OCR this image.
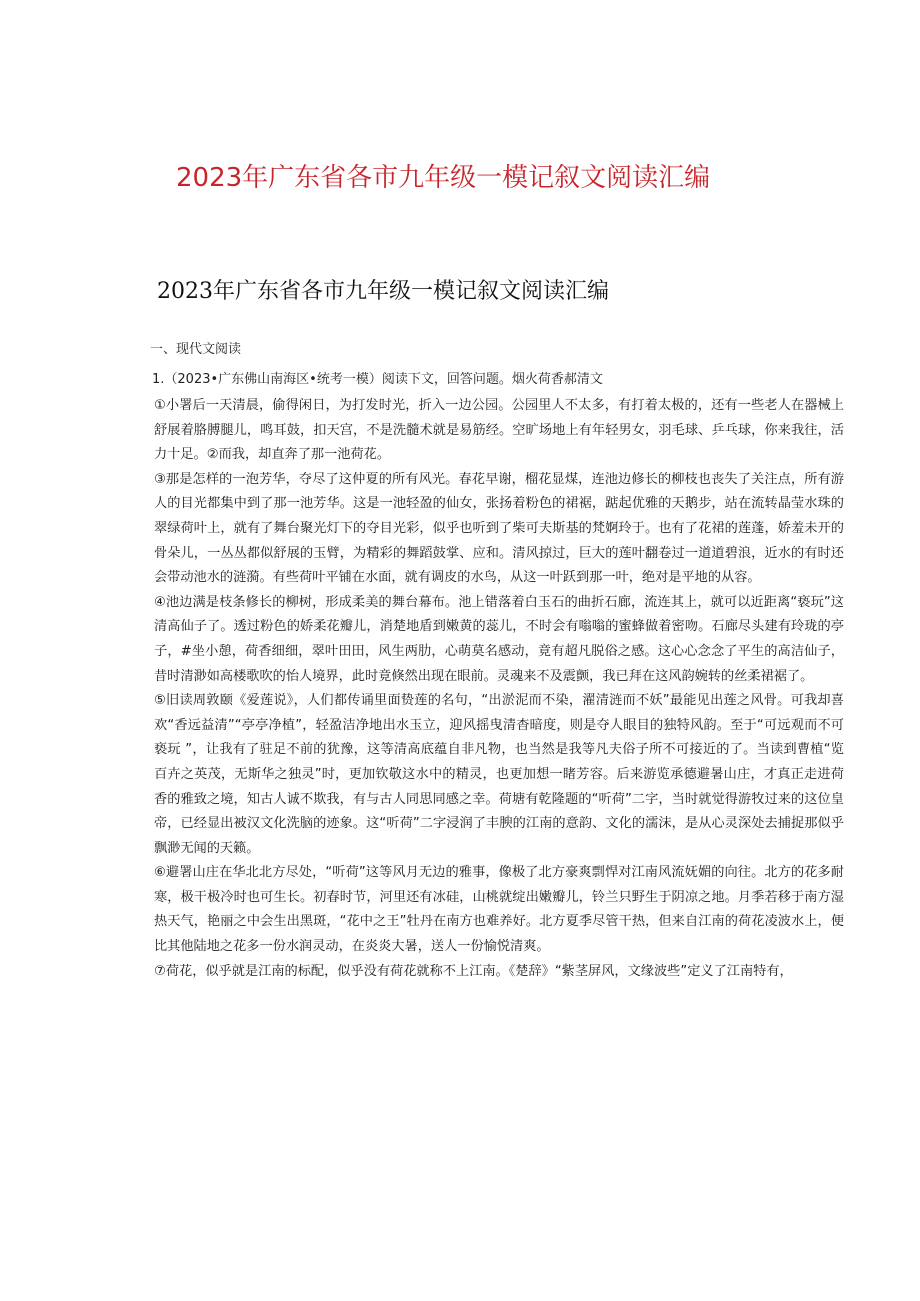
2023年广东省各市九年级一模记叙文阅读汇编
2023年广东省各市九年级一模记叙文阅读汇编
一、现代文阅读
1.（2023•广东佛山南海区•统考一模）阅读下文，回答问题。烟火荷香郝清文

①小署后一天清晨，偷得闲日，为打发时光，折入一边公园。公园里人不太多，有打着太极的，还有一些老人在器械上舒展着胳膊腿儿，鸣耳鼓，扣天宫，不是洗髓术就是易筋经。空旷场地上有年轻男女，羽毛球、乒乓球，你来我往，活力十足。②而我，却直奔了那一池荷花。

③那是怎样的一泡芳华，夺尽了这仲夏的所有风光。春花早谢，榴花显煤，连池边修长的柳枝也丧失了关注点，所有游人的目光都集中到了那一池芳华。这是一池轻盈的仙女，张扬着粉色的裙裾，踮起优雅的天鹅步，站在流转晶莹水珠的翠绿荷叶上，就有了舞台聚光灯下的夺目光彩，似乎也听到了柴可夫斯基的梵婀玲于。也有了花裙的莲蓬，娇羞未开的骨朵儿，一丛丛都似舒展的玉臂，为精彩的舞蹈鼓掌、应和。清风掠过，巨大的莲叶翻卷过一道道碧浪，近水的有时还会带动池水的涟漪。有些荷叶平铺在水面，就有调皮的水鸟，从这一叶跃到那一叶，绝对是平地的从容。

④池边满是枝条修长的柳树，形成柔美的舞台幕布。池上错落着白玉石的曲折石廊，流连其上，就可以近距离“亵玩”这清高仙子了。透过粉色的娇柔花瓣儿，消楚地盾到嫩黄的蕊儿，不时会有嗡嗡的蜜蜂做着密吻。石廊尽头建有玲珑的亭子，#坐小憩，荷香细细，翠叶田田，风生两肋，心萌莫名感动，竟有超凡脱俗之感。这心心念念了平生的高洁仙子，昔时清渺如高楼歌吹的怡人境界，此时竟倏然出现在眼前。灵魂来不及震颤，我已拜在这风韵婉转的丝柔裙裾了。

⑤旧读周敦颐《爱莲说》，人们都传诵里面贽莲的名句，“出淤泥而不染，濯清涟而不妖”最能见出莲之风骨。可我却喜欢“香远益清”“亭亭净植”，轻盈洁净地出水玉立，迎风摇曳清杳暗度，则是夺人眼目的独特风韵。至于“可远观而不可亵玩 ”，让我有了驻足不前的犹豫，这等清高底蕴自非凡物，也当然是我等凡夫俗子所不可接近的了。当读到曹植“览百卉之英茂，无斯华之独灵”时，更加钦敬这水中的精灵，也更加想一睹芳容。后来游览承德避暑山庄，才真正走进荷香的雅致之境，知古人诚不欺我，有与古人同思同感之幸。荷塘有乾隆题的“听荷”二字，当时就觉得游牧过来的这位皇帝，已经显出被汉文化洗脑的迹象。这“听荷”二字浸润了丰腴的江南的意韵、文化的濡沫，是从心灵深处去捕捉那似乎飘渺无闻的天籁。

⑥避署山庄在华北北方尽处，“听荷”这等风月无边的雅事，像极了北方豪爽剽悍对江南风流妩媚的向往。北方的花多耐寒，极干极冷时也可生长。初春时节，河里还有冰硅，山桃就绽出嫩瓣儿，铃兰只野生于阴凉之地。月季若移于南方湿热天气，艳丽之中会生出黑斑，“花中之王”牡丹在南方也难养好。北方夏季尽管干热，但来自江南的荷花凌波水上，便比其他陆地之花多一份水润灵动，在炎炎大暑，送人一份愉悦清爽。

⑦荷花，似乎就是江南的标配，似乎没有荷花就称不上江南。《楚辞》“紫茎屏风，文缘波些”定义了江南特有，
